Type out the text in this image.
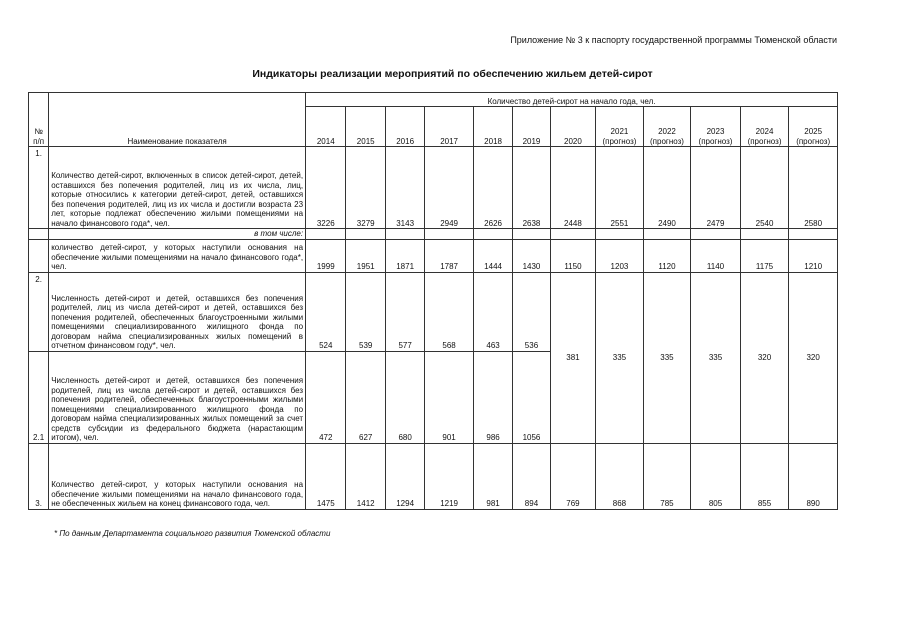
Приложение № 3 к паспорту государственной программы Тюменской области
Индикаторы реализации мероприятий по обеспечению жильем детей-сирот
№ п/п	Наименование показателя	Количество детей-сирот на начало года, чел.											
		2014	2015	2016	2017	2018	2019	2020	2021 (прогноз)	2022 (прогноз)	2023 (прогноз)	2024 (прогноз)	2025 (прогноз)
1.	Количество детей-сирот, включенных в список детей-сирот, детей, оставшихся без попечения родителей, лиц из их числа, лиц, которые относились к категории детей-сирот, детей, оставшихся без попечения родителей, лиц из их числа и достигли возраста 23 лет, которые подлежат обеспечению жилыми помещениями на начало финансового года*, чел.	3226	3279	3143	2949	2626	2638	2448	2551	2490	2479	2540	2580
	в том числе:												
	количество детей-сирот, у которых наступили основания на обеспечение жилыми помещениями на начало финансового года*, чел.	1999	1951	1871	1787	1444	1430	1150	1203	1120	1140	1175	1210
2.	Численность детей-сирот и детей, оставшихся без попечения родителей, лиц из числа детей-сирот и детей, оставшихся без попечения родителей, обеспеченных благоустроенными жилыми помещениями специализированного жилищного фонда по договорам найма специализированных жилых помещений в отчетном финансовом году*, чел.	524	539	577	568	463	536	381	335	335	335	320	320
2.1	Численность детей-сирот и детей, оставшихся без попечения родителей, лиц из числа детей-сирот и детей, оставшихся без попечения родителей, обеспеченных благоустроенными жилыми помещениями специализированного жилищного фонда по договорам найма специализированных жилых помещений за счет средств субсидии из федерального бюджета (нарастающим итогом), чел.	472	627	680	901	986	1056						
3.	Количество детей-сирот, у которых наступили основания на обеспечение жилыми помещениями на начало финансового года, не обеспеченных жильем на конец финансового года, чел.	1475	1412	1294	1219	981	894	769	868	785	805	855	890
* По данным Департамента социального развития Тюменской области
